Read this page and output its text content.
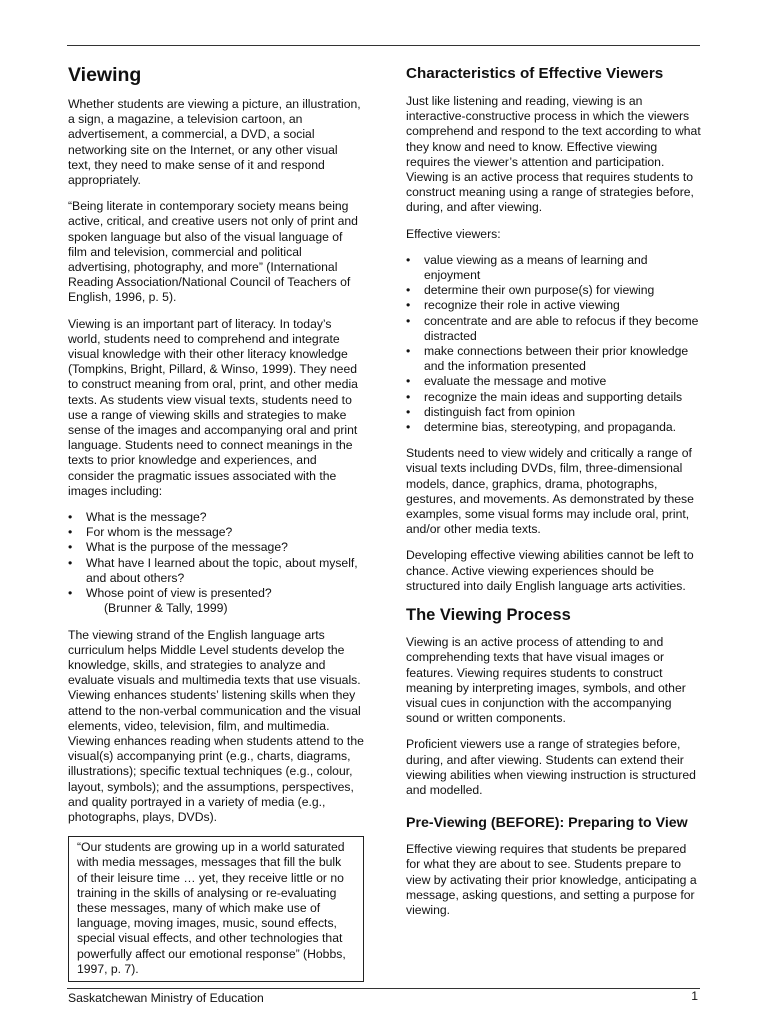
Viewing

Whether students are viewing a picture, an illustration, a sign, a magazine, a television cartoon, an advertisement, a commercial, a DVD, a social networking site on the Internet, or any other visual text, they need to make sense of it and respond appropriately.

“Being literate in contemporary society means being active, critical, and creative users not only of print and spoken language but also of the visual language of film and television, commercial and political advertising, photography, and more” (International Reading Association/National Council of Teachers of English, 1996, p. 5).

Viewing is an important part of literacy. In today’s world, students need to comprehend and integrate visual knowledge with their other literacy knowledge (Tompkins, Bright, Pillard, & Winso, 1999). They need to construct meaning from oral, print, and other media texts. As students view visual texts, students need to use a range of viewing skills and strategies to make sense of the images and accompanying oral and print language. Students need to connect meanings in the texts to prior knowledge and experiences, and consider the pragmatic issues associated with the images including:

• What is the message?
• For whom is the message?
• What is the purpose of the message?
• What have I learned about the topic, about myself, and about others?
• Whose point of view is presented?
(Brunner & Tally, 1999)

The viewing strand of the English language arts curriculum helps Middle Level students develop the knowledge, skills, and strategies to analyze and evaluate visuals and multimedia texts that use visuals. Viewing enhances students’ listening skills when they attend to the non-verbal communication and the visual elements, video, television, film, and multimedia. Viewing enhances reading when students attend to the visual(s) accompanying print (e.g., charts, diagrams, illustrations); specific textual techniques (e.g., colour, layout, symbols); and the assumptions, perspectives, and quality portrayed in a variety of media (e.g., photographs, plays, DVDs).

“Our students are growing up in a world saturated with media messages, messages that fill the bulk of their leisure time … yet, they receive little or no training in the skills of analysing or re-evaluating these messages, many of which make use of language, moving images, music, sound effects, special visual effects, and other technologies that powerfully affect our emotional response” (Hobbs, 1997, p. 7).
Characteristics of Effective Viewers

Just like listening and reading, viewing is an interactive-constructive process in which the viewers comprehend and respond to the text according to what they know and need to know. Effective viewing requires the viewer’s attention and participation. Viewing is an active process that requires students to construct meaning using a range of strategies before, during, and after viewing.

Effective viewers:

• value viewing as a means of learning and enjoyment
• determine their own purpose(s) for viewing
• recognize their role in active viewing
• concentrate and are able to refocus if they become distracted
• make connections between their prior knowledge and the information presented
• evaluate the message and motive
• recognize the main ideas and supporting details
• distinguish fact from opinion
• determine bias, stereotyping, and propaganda.

Students need to view widely and critically a range of visual texts including DVDs, film, three-dimensional models, dance, graphics, drama, photographs, gestures, and movements. As demonstrated by these examples, some visual forms may include oral, print, and/or other media texts.

Developing effective viewing abilities cannot be left to chance. Active viewing experiences should be structured into daily English language arts activities.

The Viewing Process

Viewing is an active process of attending to and comprehending texts that have visual images or features. Viewing requires students to construct meaning by interpreting images, symbols, and other visual cues in conjunction with the accompanying sound or written components.

Proficient viewers use a range of strategies before, during, and after viewing. Students can extend their viewing abilities when viewing instruction is structured and modelled.

Pre-Viewing (BEFORE): Preparing to View

Effective viewing requires that students be prepared for what they are about to see. Students prepare to view by activating their prior knowledge, anticipating a message, asking questions, and setting a purpose for viewing.

Saskatchewan Ministry of Education	1
